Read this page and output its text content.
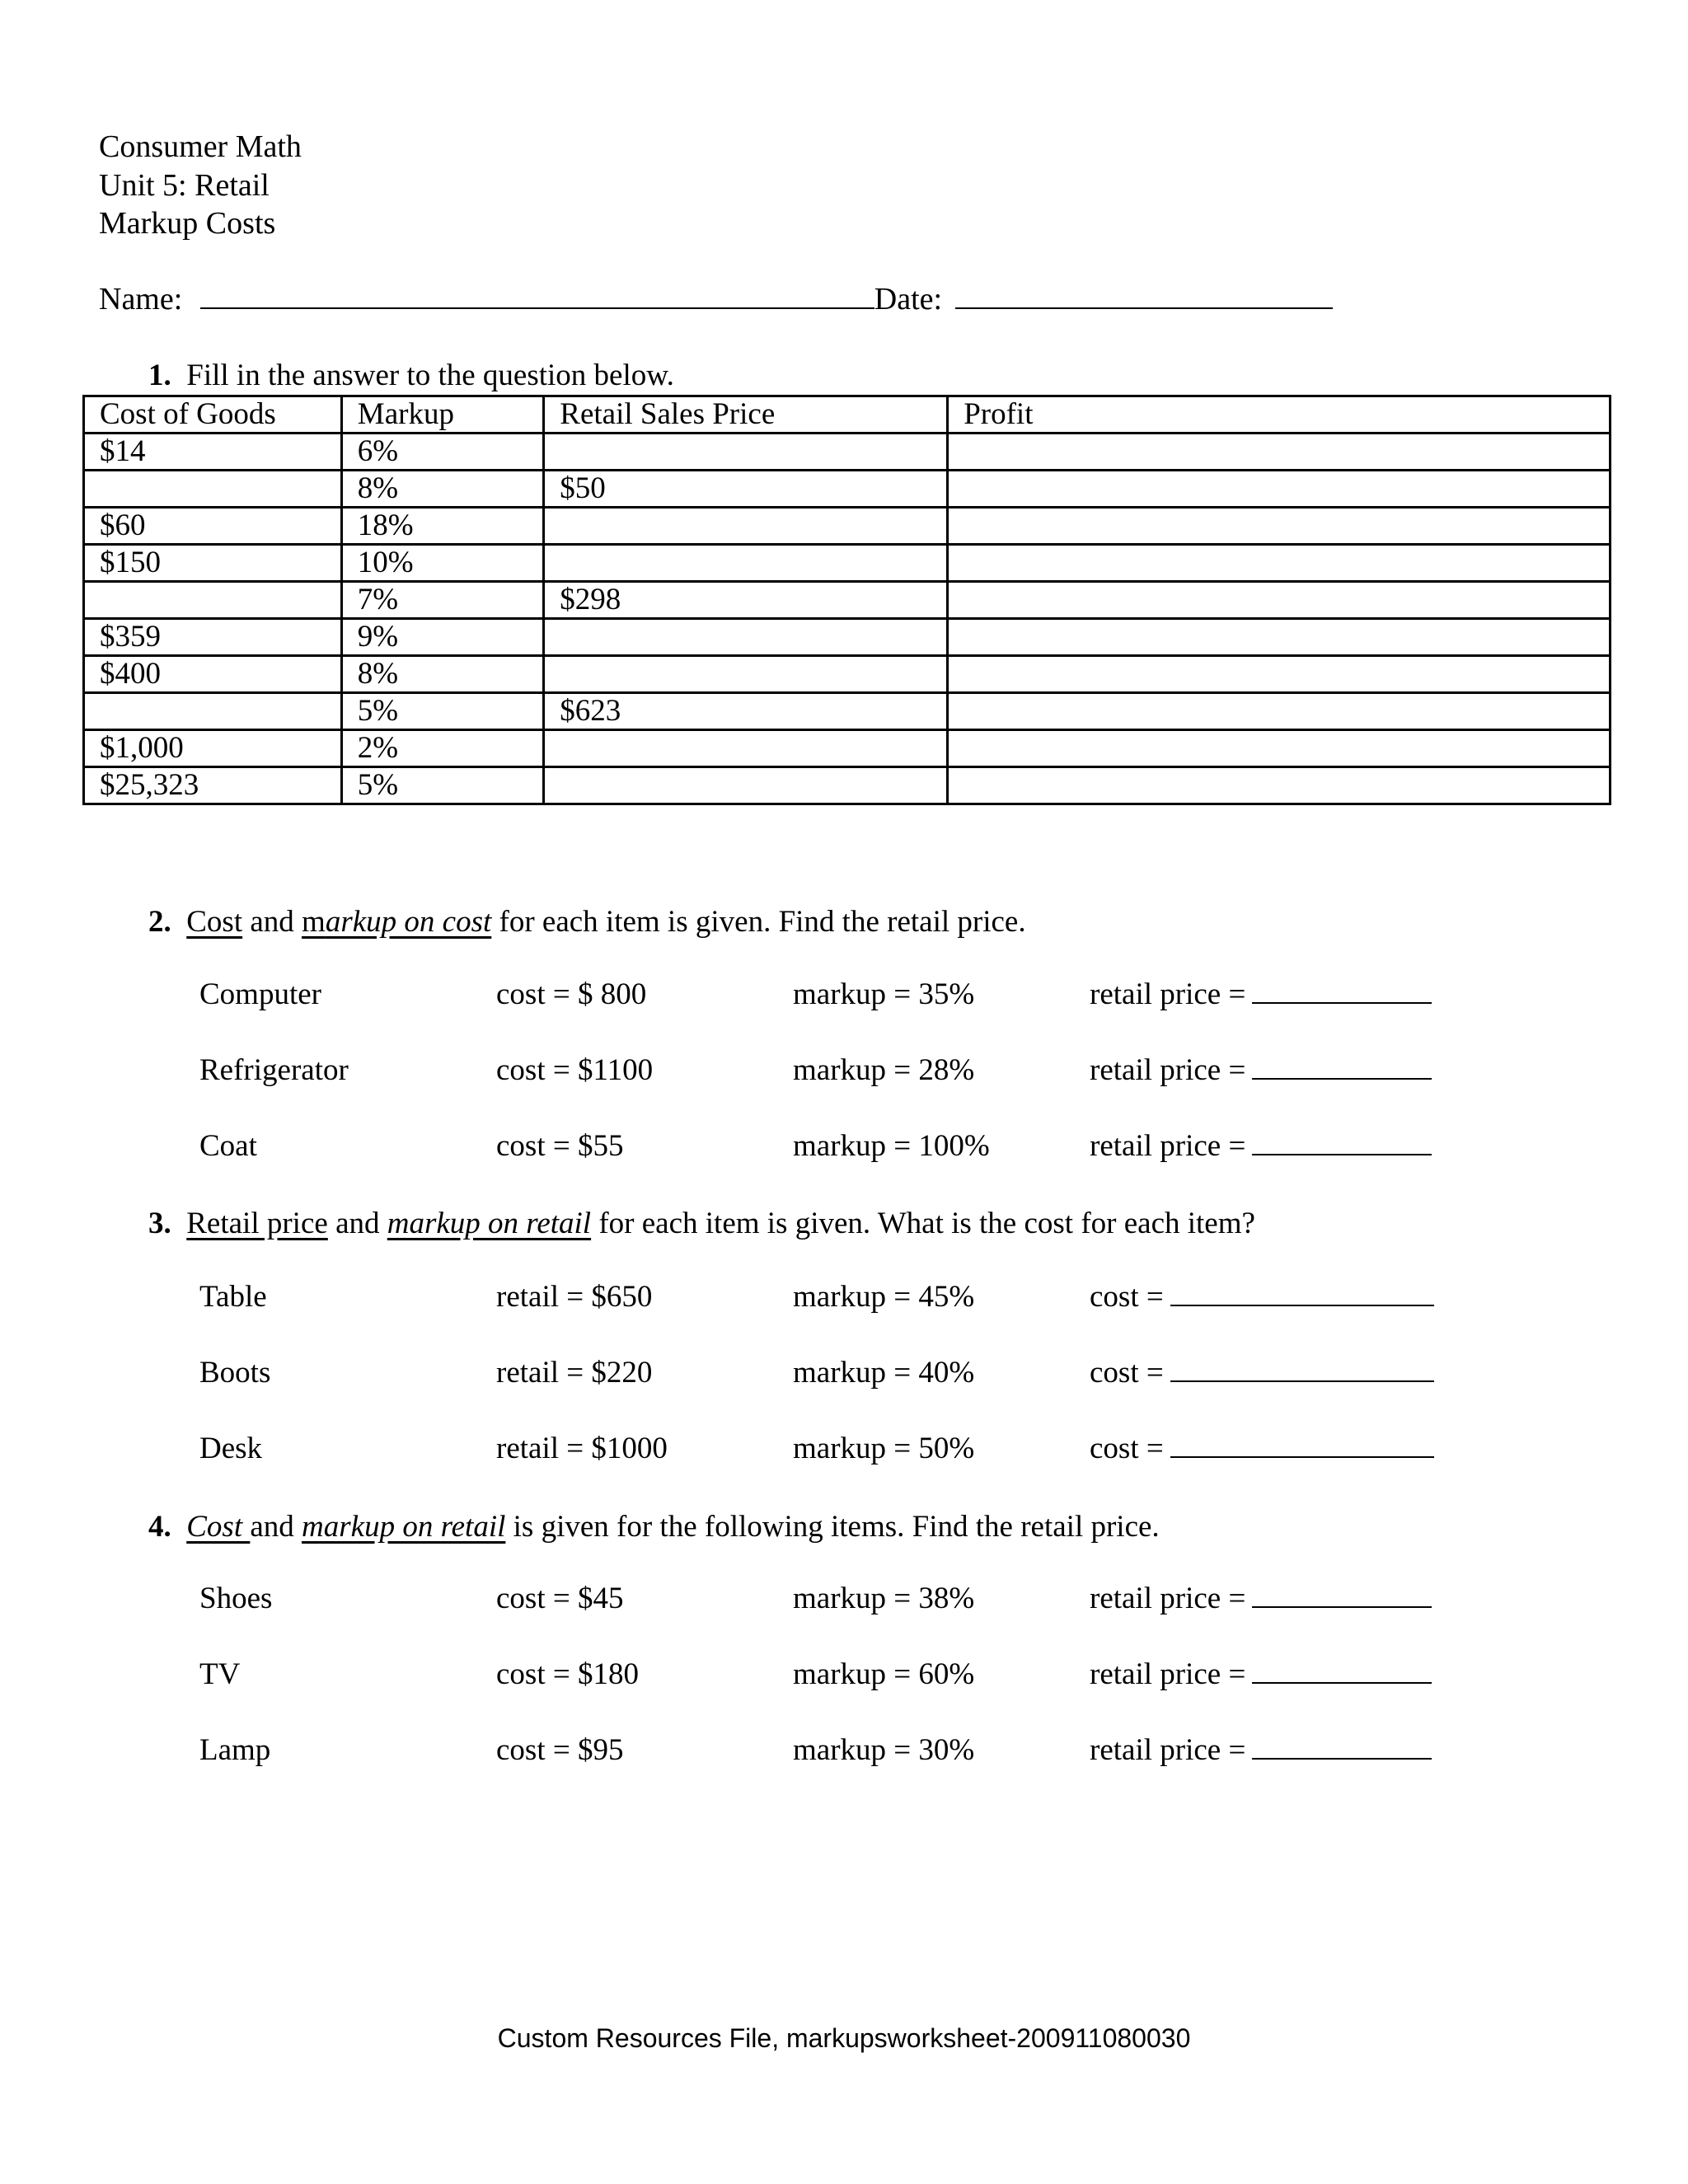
Consumer Math
Unit 5: Retail
Markup Costs
Name:	Date:
1. Fill in the answer to the question below.
Cost of Goods	Markup	Retail Sales Price	Profit
$14	6%		
	8%	$50	
$60	18%		
$150	10%		
	7%	$298	
$359	9%		
$400	8%		
	5%	$623	
$1,000	2%		
$25,323	5%		
2. Cost and markup on cost for each item is given. Find the retail price.
Computer	cost = $ 800	markup = 35%	retail price =
Refrigerator	cost = $1100	markup = 28%	retail price =
Coat	cost = $55	markup = 100%	retail price =
3. Retail price and markup on retail for each item is given. What is the cost for each item?
Table	retail = $650	markup = 45%	cost =
Boots	retail = $220	markup = 40%	cost =
Desk	retail = $1000	markup = 50%	cost =
4. Cost and markup on retail is given for the following items. Find the retail price.
Shoes	cost = $45	markup = 38%	retail price =
TV	cost = $180	markup = 60%	retail price =
Lamp	cost = $95	markup = 30%	retail price =
Custom Resources File, markupsworksheet-200911080030
